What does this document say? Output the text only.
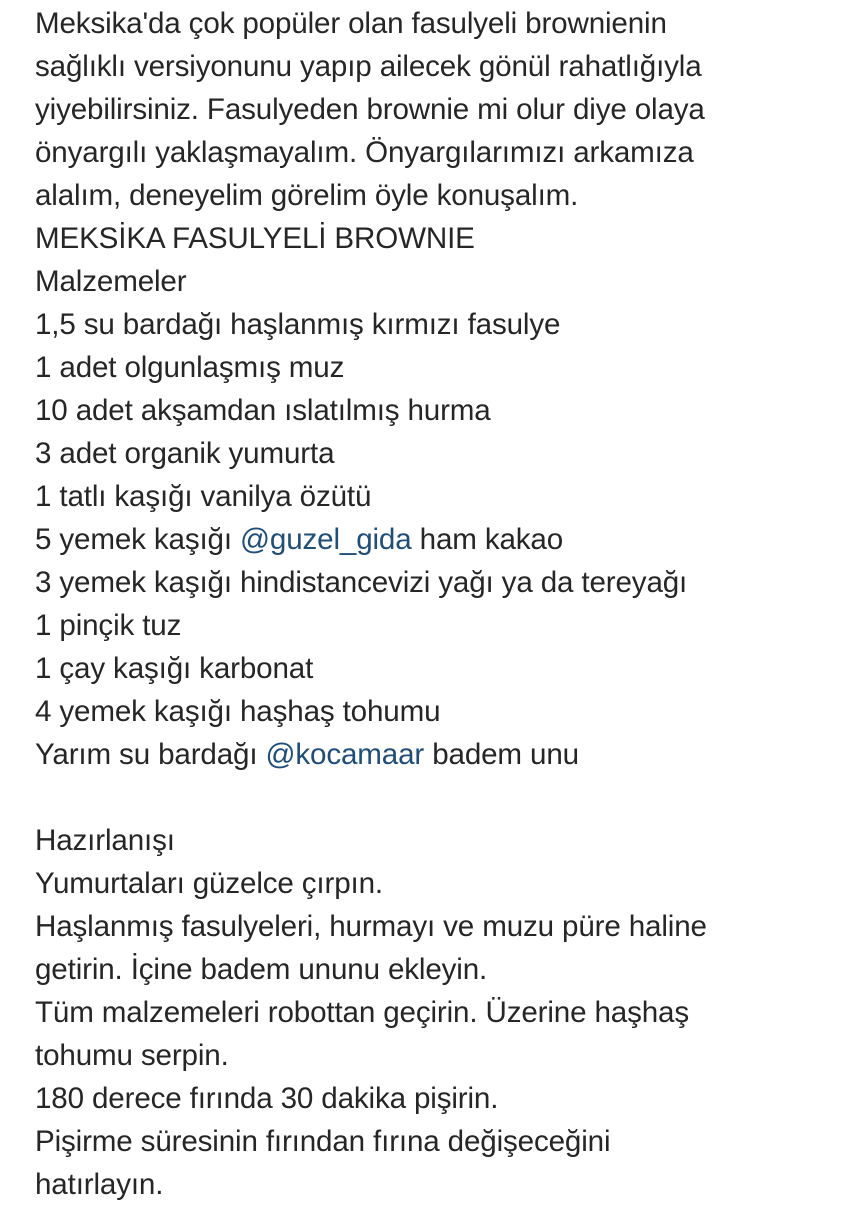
Meksika'da çok popüler olan fasulyeli brownienin
sağlıklı versiyonunu yapıp ailecek gönül rahatlığıyla
yiyebilirsiniz. Fasulyeden brownie mi olur diye olaya
önyargılı yaklaşmayalım. Önyargılarımızı arkamıza
alalım, deneyelim görelim öyle konuşalım.
MEKSİKA FASULYELİ BROWNIE
Malzemeler
1,5 su bardağı haşlanmış kırmızı fasulye
1 adet olgunlaşmış muz
10 adet akşamdan ıslatılmış hurma
3 adet organik yumurta
1 tatlı kaşığı vanilya özütü
5 yemek kaşığı @guzel_gida ham kakao
3 yemek kaşığı hindistancevizi yağı ya da tereyağı
1 pinçik tuz
1 çay kaşığı karbonat
4 yemek kaşığı haşhaş tohumu
Yarım su bardağı @kocamaar badem unu
Hazırlanışı
Yumurtaları güzelce çırpın.
Haşlanmış fasulyeleri, hurmayı ve muzu püre haline
getirin. İçine badem ununu ekleyin.
Tüm malzemeleri robottan geçirin. Üzerine haşhaş
tohumu serpin.
180 derece fırında 30 dakika pişirin.
Pişirme süresinin fırından fırına değişeceğini
hatırlayın.
